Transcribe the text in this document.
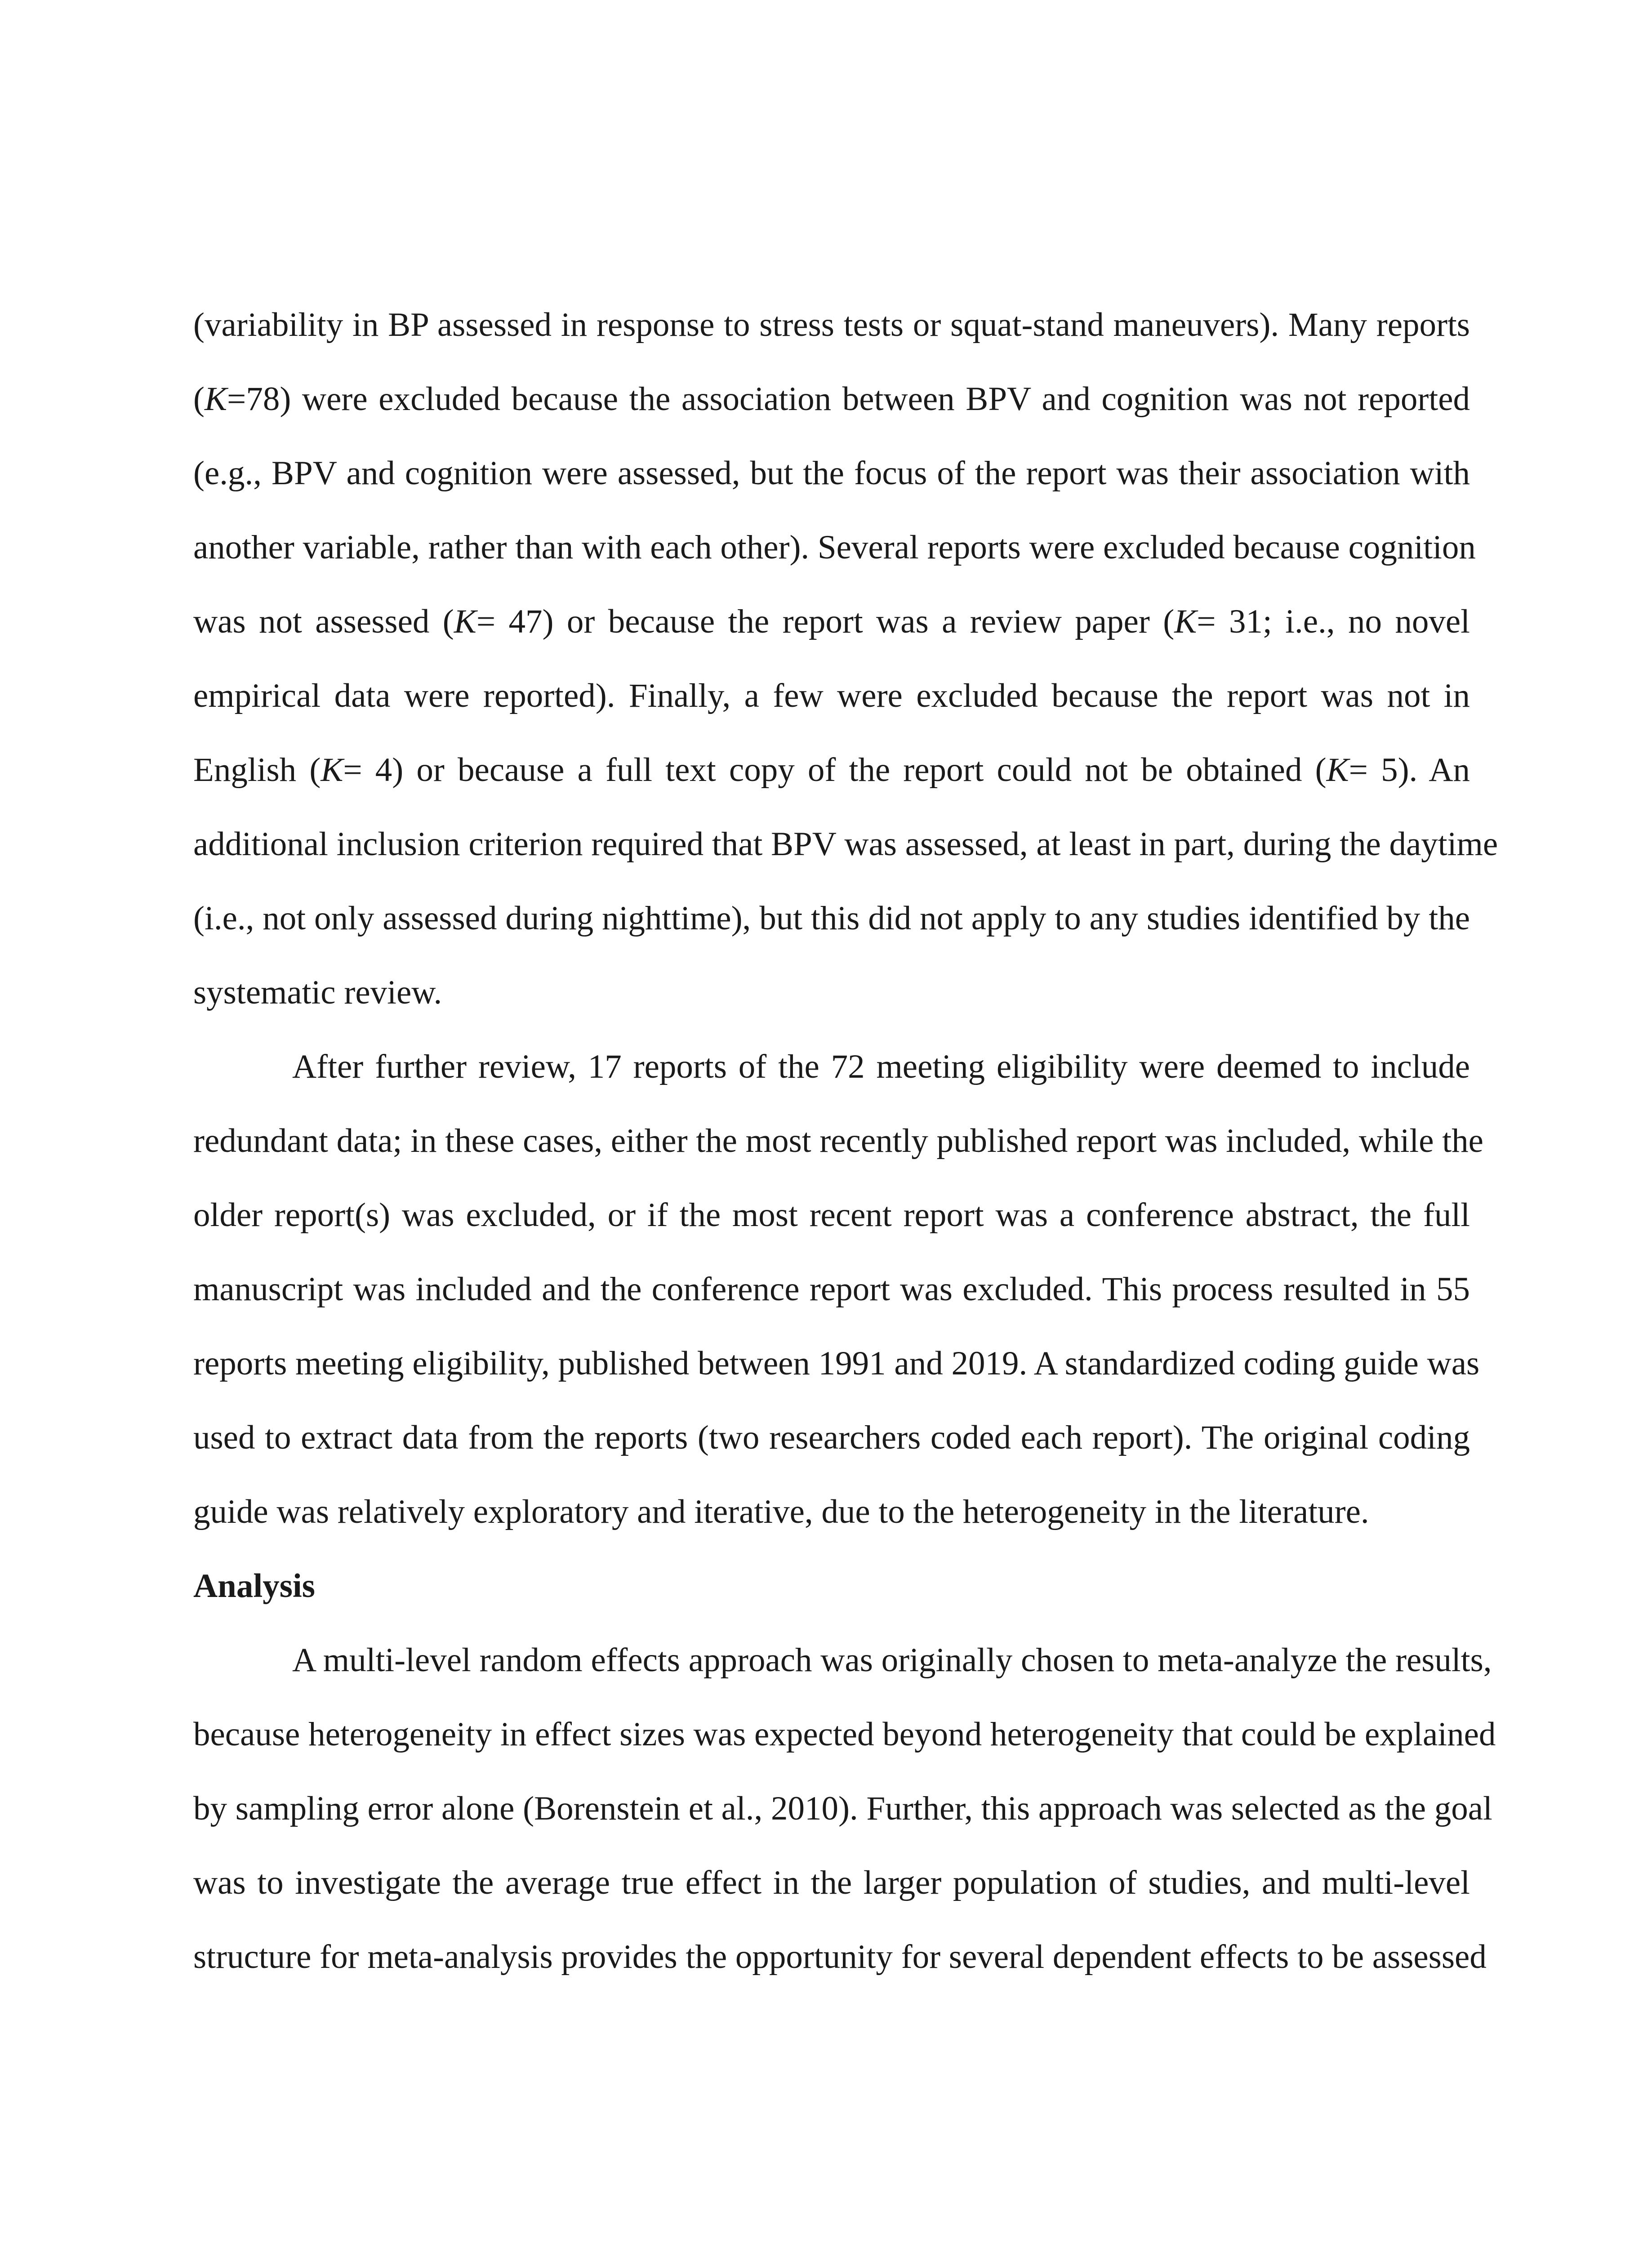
(variability in BP assessed in response to stress tests or squat-stand maneuvers). Many reports
(K=78) were excluded because the association between BPV and cognition was not reported
(e.g., BPV and cognition were assessed, but the focus of the report was their association with
another variable, rather than with each other). Several reports were excluded because cognition
was not assessed (K= 47) or because the report was a review paper (K= 31; i.e., no novel
empirical data were reported). Finally, a few were excluded because the report was not in
English (K= 4) or because a full text copy of the report could not be obtained (K= 5). An
additional inclusion criterion required that BPV was assessed, at least in part, during the daytime
(i.e., not only assessed during nighttime), but this did not apply to any studies identified by the
systematic review.
After further review, 17 reports of the 72 meeting eligibility were deemed to include
redundant data; in these cases, either the most recently published report was included, while the
older report(s) was excluded, or if the most recent report was a conference abstract, the full
manuscript was included and the conference report was excluded. This process resulted in 55
reports meeting eligibility, published between 1991 and 2019. A standardized coding guide was
used to extract data from the reports (two researchers coded each report). The original coding
guide was relatively exploratory and iterative, due to the heterogeneity in the literature.
Analysis
A multi-level random effects approach was originally chosen to meta-analyze the results,
because heterogeneity in effect sizes was expected beyond heterogeneity that could be explained
by sampling error alone (Borenstein et al., 2010). Further, this approach was selected as the goal
was to investigate the average true effect in the larger population of studies, and multi-level
structure for meta-analysis provides the opportunity for several dependent effects to be assessed
